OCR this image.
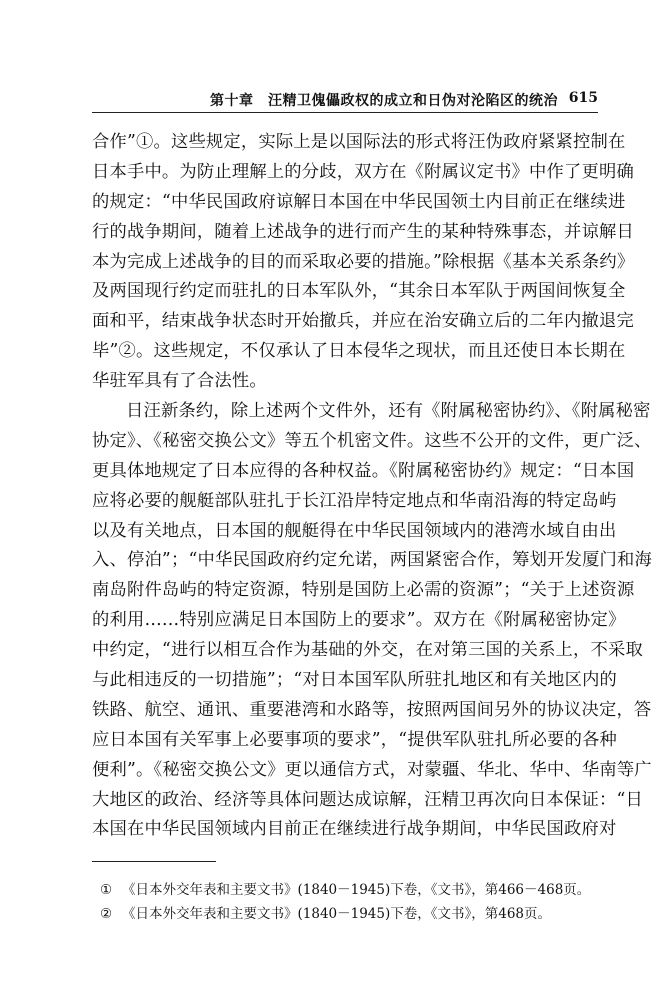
第十章　汪精卫傀儡政权的成立和日伪对沦陷区的统治 615
合作”①。这些规定，实际上是以国际法的形式将汪伪政府紧紧控制在
日本手中。为防止理解上的分歧，双方在《附属议定书》中作了更明确
的规定：“中华民国政府谅解日本国在中华民国领土内目前正在继续进
行的战争期间，随着上述战争的进行而产生的某种特殊事态，并谅解日
本为完成上述战争的目的而采取必要的措施。”除根据《基本关系条约》
及两国现行约定而驻扎的日本军队外，“其余日本军队于两国间恢复全
面和平，结束战争状态时开始撤兵，并应在治安确立后的二年内撤退完
毕”②。这些规定，不仅承认了日本侵华之现状，而且还使日本长期在
华驻军具有了合法性。
日汪新条约，除上述两个文件外，还有《附属秘密协约》、《附属秘密
协定》、《秘密交换公文》等五个机密文件。这些不公开的文件，更广泛、
更具体地规定了日本应得的各种权益。《附属秘密协约》规定：“日本国
应将必要的舰艇部队驻扎于长江沿岸特定地点和华南沿海的特定岛屿
以及有关地点，日本国的舰艇得在中华民国领域内的港湾水域自由出
入、停泊”；“中华民国政府约定允诺，两国紧密合作，筹划开发厦门和海
南岛附件岛屿的特定资源，特别是国防上必需的资源”；“关于上述资源
的利用……特别应满足日本国防上的要求”。双方在《附属秘密协定》
中约定，“进行以相互合作为基础的外交，在对第三国的关系上，不采取
与此相违反的一切措施”；“对日本国军队所驻扎地区和有关地区内的
铁路、航空、通讯、重要港湾和水路等，按照两国间另外的协议决定，答
应日本国有关军事上必要事项的要求”，“提供军队驻扎所必要的各种
便利”。《秘密交换公文》更以通信方式，对蒙疆、华北、华中、华南等广
大地区的政治、经济等具体问题达成谅解，汪精卫再次向日本保证：“日
本国在中华民国领域内目前正在继续进行战争期间，中华民国政府对
① 《日本外交年表和主要文书》(1840－1945)下卷，《文书》，第466－468页。
② 《日本外交年表和主要文书》(1840－1945)下卷，《文书》，第468页。
